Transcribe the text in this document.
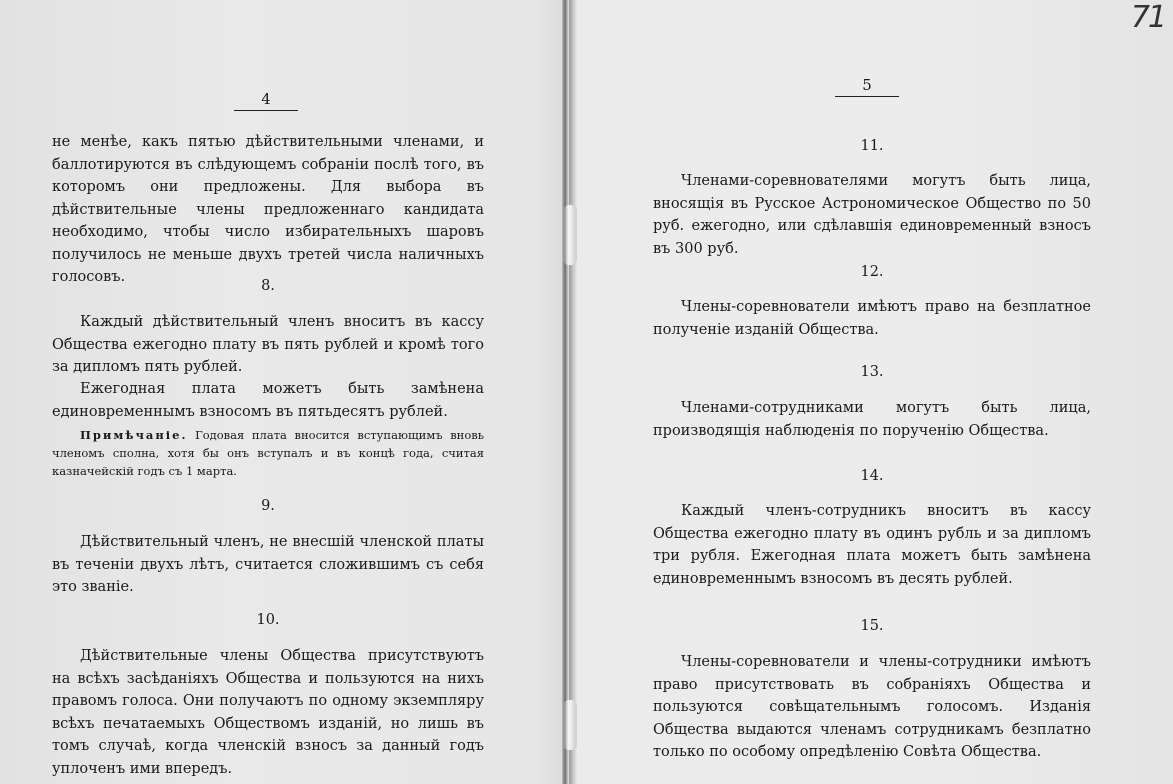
4

не менѣе, какъ пятью дѣйствительными членами, и баллотируются въ слѣдующемъ собраніи послѣ того, въ которомъ они предложены. Для выбора въ дѣйствительные члены предложеннаго кандидата необходимо, чтобы число избирательныхъ шаровъ получилось не меньше двухъ третей числа наличныхъ голосовъ.

8.

Каждый дѣйствительный членъ вноситъ въ кассу Общества ежегодно плату въ пять рублей и кромѣ того за дипломъ пять рублей.

Ежегодная плата можетъ быть замѣнена единовременнымъ взносомъ въ пятьдесятъ рублей.

Примѣчаніе. Годовая плата вносится вступающимъ вновь членомъ сполна, хотя бы онъ вступалъ и въ концѣ года, считая казначейскій годъ съ 1 марта.

9.

Дѣйствительный членъ, не внесшій членской платы въ теченіи двухъ лѣтъ, считается сложившимъ съ себя это званіе.

10.

Дѣйствительные члены Общества присутствуютъ на всѣхъ засѣданіяхъ Общества и пользуются на нихъ правомъ голоса. Они получаютъ по одному экземпляру всѣхъ печатаемыхъ Обществомъ изданій, но лишь въ томъ случаѣ, когда членскій взносъ за данный годъ уплоченъ ими впередъ.

71
5

11.

Членами-соревнователями могутъ быть лица, вносящія въ Русское Астрономическое Общество по 50 руб. ежегодно, или сдѣлавшія единовременный взносъ въ 300 руб.

12.

Члены-соревнователи имѣютъ право на безплатное полученіе изданій Общества.

13.

Членами-сотрудниками могутъ быть лица, производящія наблюденія по порученію Общества.

14.

Каждый членъ-сотрудникъ вноситъ въ кассу Общества ежегодно плату въ одинъ рубль и за дипломъ три рубля. Ежегодная плата можетъ быть замѣнена единовременнымъ взносомъ въ десять рублей.

15.

Члены-соревнователи и члены-сотрудники имѣютъ право присутствовать въ собраніяхъ Общества и пользуются совѣщательнымъ голосомъ. Изданія Общества выдаются членамъ сотрудникамъ безплатно только по особому опредѣленію Совѣта Общества.
